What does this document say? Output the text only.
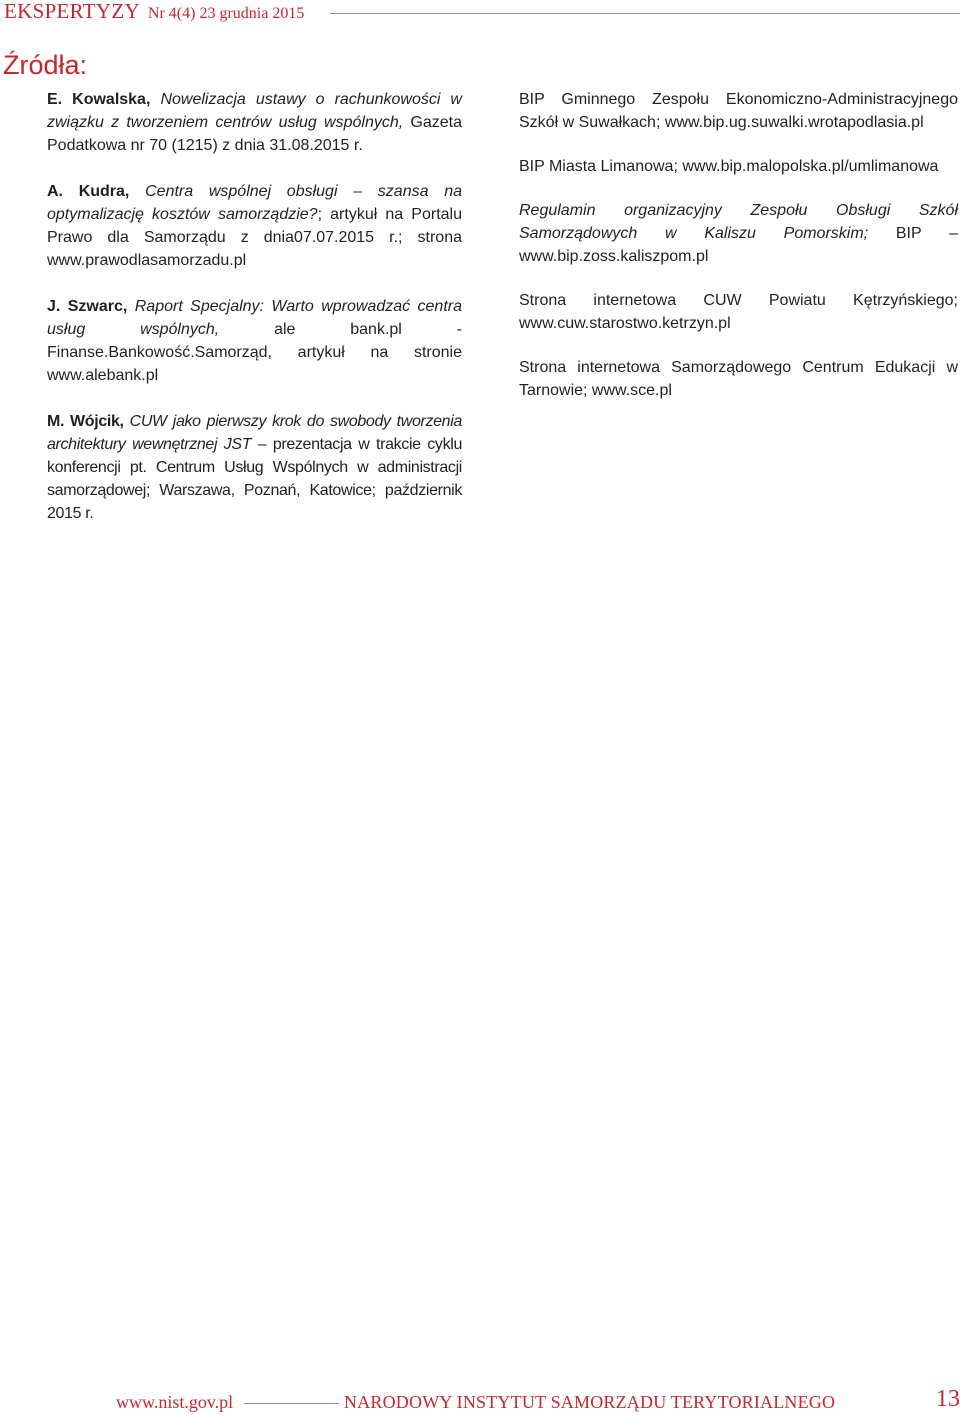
EKSPERTYZY Nr 4(4) 23 grudnia 2015
Źródła:

E. Kowalska, Nowelizacja ustawy o rachunkowości w związku z tworzeniem centrów usług wspólnych, Gazeta Podatkowa nr 70 (1215) z dnia 31.08.2015 r.

A. Kudra, Centra wspólnej obsługi – szansa na optymalizację kosztów samorządzie?; artykuł na Portalu Prawo dla Samorządu z dnia07.07.2015 r.; strona www.prawodlasamorzadu.pl

J. Szwarc, Raport Specjalny: Warto wprowadzać centra usług wspólnych,	ale bank.pl - Finanse.Bankowość.Samorząd, artykuł na stronie www.alebank.pl

M. Wójcik, CUW jako pierwszy krok do swobody tworzenia architektury wewnętrznej JST – prezentacja w trakcie cyklu konferencji pt. Centrum Usług Wspólnych w administracji samorządowej; Warszawa, Poznań, Katowice; październik 2015 r.

BIP Gminnego Zespołu Ekonomiczno-Administracyjnego Szkół w Suwałkach; www.bip.ug.suwalki.wrotapodlasia.pl

BIP Miasta Limanowa; www.bip.malopolska.pl/umlimanowa

Regulamin organizacyjny Zespołu Obsługi Szkół Samorządowych w Kaliszu Pomorskim; BIP – www.bip.zoss.kaliszpom.pl

Strona internetowa CUW Powiatu Kętrzyńskiego; www.cuw.starostwo.ketrzyn.pl

Strona internetowa Samorządowego Centrum Edukacji w Tarnowie; www.sce.pl

www.nist.gov.pl	NARODOWY INSTYTUT SAMORZĄDU TERYTORIALNEGO	13
